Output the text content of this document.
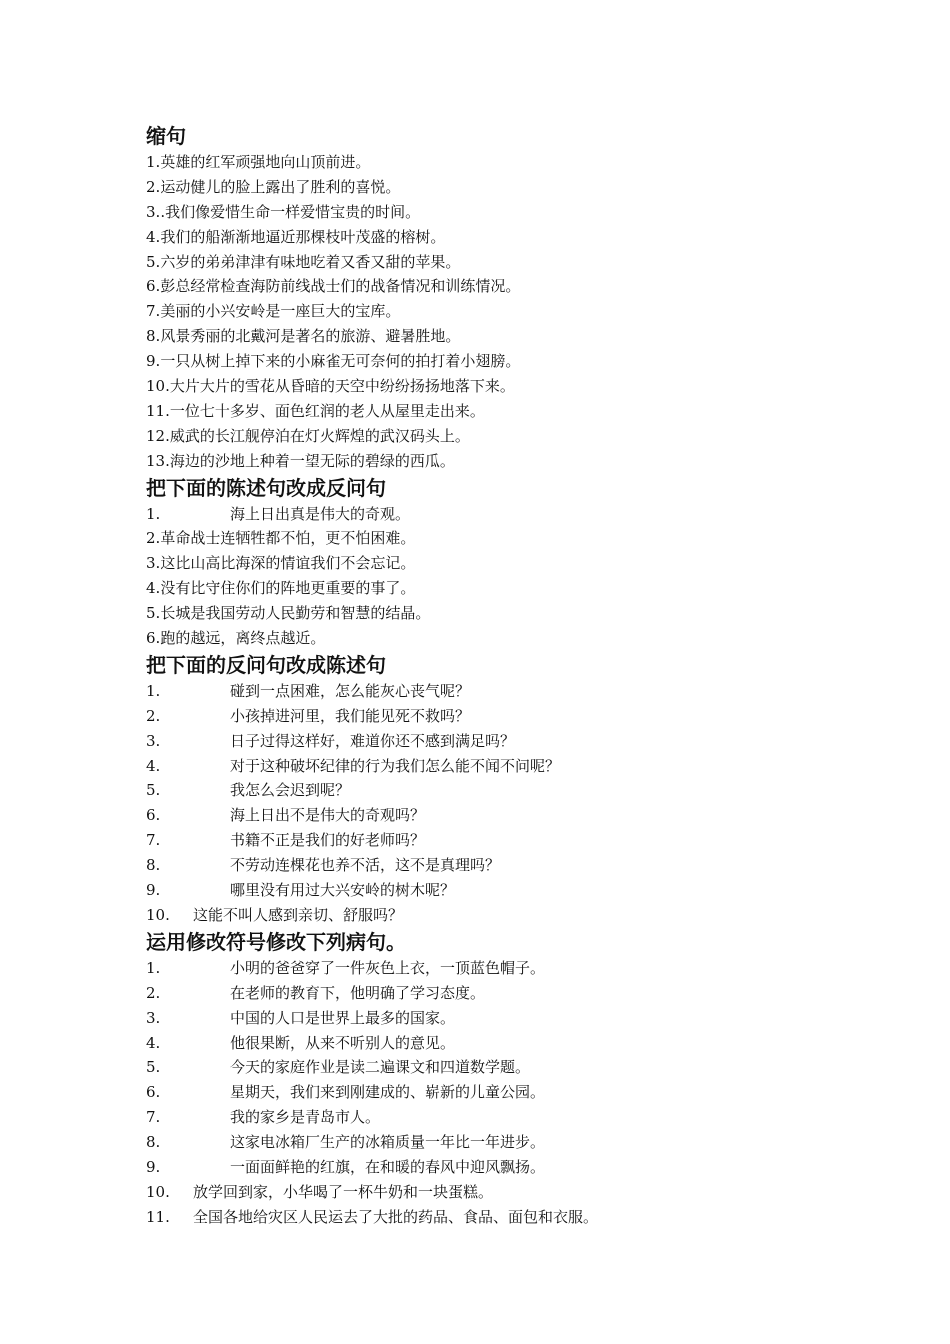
缩句
1. 英雄的红军顽强地向山顶前进。
2. 运动健儿的脸上露出了胜利的喜悦。
3. .我们像爱惜生命一样爱惜宝贵的时间。
4. 我们的船渐渐地逼近那棵枝叶茂盛的榕树。
5. 六岁的弟弟津津有味地吃着又香又甜的苹果。
6. 彭总经常检查海防前线战士们的战备情况和训练情况。
7. 美丽的小兴安岭是一座巨大的宝库。
8. 风景秀丽的北戴河是著名的旅游、避暑胜地。
9. 一只从树上掉下来的小麻雀无可奈何的拍打着小翅膀。
10. 大片大片的雪花从昏暗的天空中纷纷扬扬地落下来。
11. 一位七十多岁、面色红润的老人从屋里走出来。
12. 威武的长江舰停泊在灯火辉煌的武汉码头上。
13. 海边的沙地上种着一望无际的碧绿的西瓜。
把下面的陈述句改成反问句
1.	海上日出真是伟大的奇观。
2. 革命战士连牺牲都不怕，更不怕困难。
3. 这比山高比海深的情谊我们不会忘记。
4. 没有比守住你们的阵地更重要的事了。
5. 长城是我国劳动人民勤劳和智慧的结晶。
6. 跑的越远，离终点越近。
把下面的反问句改成陈述句
1.	碰到一点困难，怎么能灰心丧气呢？
2.	小孩掉进河里，我们能见死不救吗？
3.	日子过得这样好，难道你还不感到满足吗？
4.	对于这种破坏纪律的行为我们怎么能不闻不问呢？
5.	我怎么会迟到呢？
6.	海上日出不是伟大的奇观吗？
7.	书籍不正是我们的好老师吗？
8.	不劳动连棵花也养不活，这不是真理吗？
9.	哪里没有用过大兴安岭的树木呢？
10.	这能不叫人感到亲切、舒服吗？
运用修改符号修改下列病句。
1.	小明的爸爸穿了一件灰色上衣，一顶蓝色帽子。
2.	在老师的教育下，他明确了学习态度。
3.	中国的人口是世界上最多的国家。
4.	他很果断，从来不听别人的意见。
5.	今天的家庭作业是读二遍课文和四道数学题。
6.	星期天，我们来到刚建成的、崭新的儿童公园。
7.	我的家乡是青岛市人。
8.	这家电冰箱厂生产的冰箱质量一年比一年进步。
9.	一面面鲜艳的红旗，在和暖的春风中迎风飘扬。
10.	放学回到家，小华喝了一杯牛奶和一块蛋糕。
11.	全国各地给灾区人民运去了大批的药品、食品、面包和衣服。
